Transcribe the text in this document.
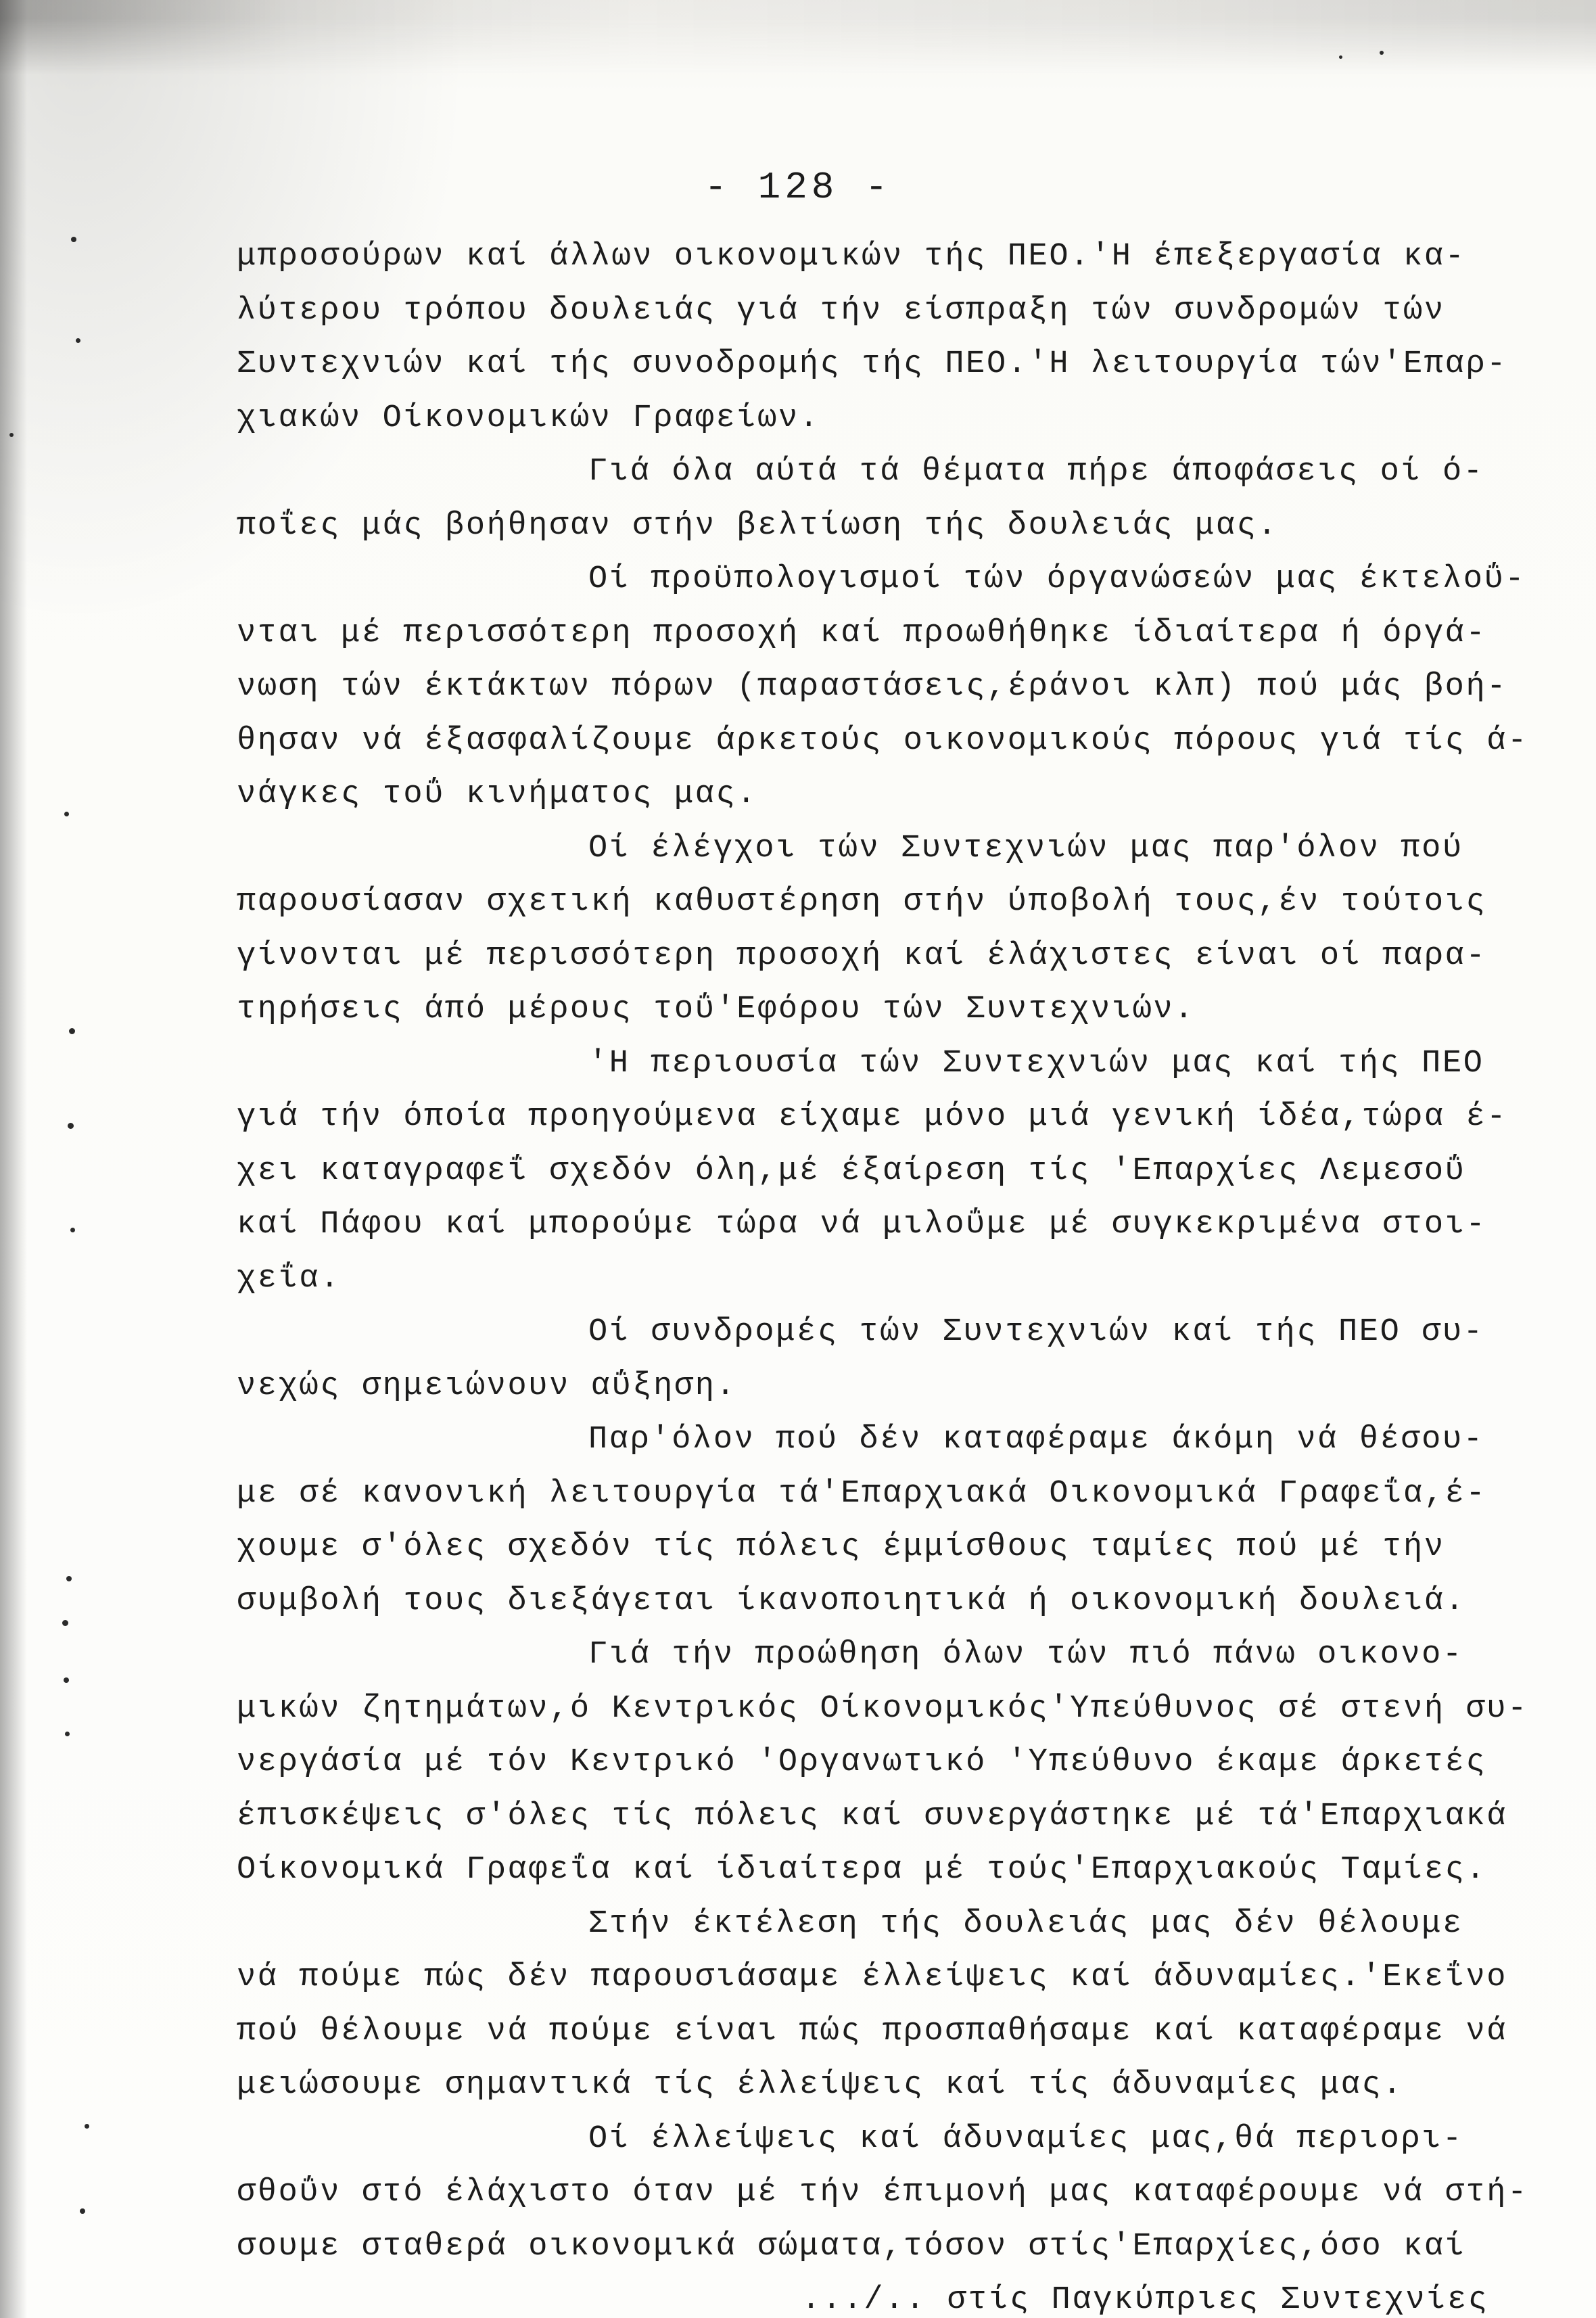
- 128 -
μπροσούρων καί άλλων οικονομικών τής ΠΕΟ.'Η έπεξεργασία κα-
λύτερου τρόπου δουλειάς γιά τήν είσπραξη τών συνδρομών τών
Συντεχνιών καί τής συνοδρομής τής ΠΕΟ.'Η λειτουργία τών'Επαρ-
χιακών Οίκονομικών Γραφείων.
Γιά όλα αύτά τά θέματα πήρε άποφάσεις οί ό-
ποΐες μάς βοήθησαν στήν βελτίωση τής δουλειάς μας.
Οί προϋπολογισμοί τών όργανώσεών μας έκτελοΰ-
νται μέ περισσότερη προσοχή καί προωθήθηκε ίδιαίτερα ή όργά-
νωση τών έκτάκτων πόρων (παραστάσεις,έράνοι κλπ) πού μάς βοή-
θησαν νά έξασφαλίζουμε άρκετούς οικονομικούς πόρους γιά τίς ά-
νάγκες τοΰ κινήματος μας.
Οί έλέγχοι τών Συντεχνιών μας παρ'όλον πού
παρουσίασαν σχετική καθυστέρηση στήν ύποβολή τους,έν τούτοις
γίνονται μέ περισσότερη προσοχή καί έλάχιστες είναι οί παρα-
τηρήσεις άπό μέρους τοΰ'Εφόρου τών Συντεχνιών.
'Η περιουσία τών Συντεχνιών μας καί τής ΠΕΟ
γιά τήν όποία προηγούμενα είχαμε μόνο μιά γενική ίδέα,τώρα έ-
χει καταγραφεΐ σχεδόν όλη,μέ έξαίρεση τίς 'Επαρχίες Λεμεσοΰ
καί Πάφου καί μπορούμε τώρα νά μιλοΰμε μέ συγκεκριμένα στοι-
χεΐα.
Οί συνδρομές τών Συντεχνιών καί τής ΠΕΟ συ-
νεχώς σημειώνουν αΰξηση.
Παρ'όλον πού δέν καταφέραμε άκόμη νά θέσου-
με σέ κανονική λειτουργία τά'Επαρχιακά Οικονομικά Γραφεΐα,έ-
χουμε σ'όλες σχεδόν τίς πόλεις έμμίσθους ταμίες πού μέ τήν
συμβολή τους διεξάγεται ίκανοποιητικά ή οικονομική δουλειά.
Γιά τήν προώθηση όλων τών πιό πάνω οικονο-
μικών ζητημάτων,ό Κεντρικός Οίκονομικός'Υπεύθυνος σέ στενή συ-
νεργάσία μέ τόν Κεντρικό 'Οργανωτικό 'Υπεύθυνο έκαμε άρκετές
έπισκέψεις σ'όλες τίς πόλεις καί συνεργάστηκε μέ τά'Επαρχιακά
Οίκονομικά Γραφεΐα καί ίδιαίτερα μέ τούς'Επαρχιακούς Ταμίες.
Στήν έκτέλεση τής δουλειάς μας δέν θέλουμε
νά πούμε πώς δέν παρουσιάσαμε έλλείψεις καί άδυναμίες.'Εκεΐνο
πού θέλουμε νά πούμε είναι πώς προσπαθήσαμε καί καταφέραμε νά
μειώσουμε σημαντικά τίς έλλείψεις καί τίς άδυναμίες μας.
Οί έλλείψεις καί άδυναμίες μας,θά περιορι-
σθοΰν στό έλάχιστο όταν μέ τήν έπιμονή μας καταφέρουμε νά στή-
σουμε σταθερά οικονομικά σώματα,τόσον στίς'Επαρχίες,όσο καί
.../.. στίς Παγκύπριες Συντεχνίες
